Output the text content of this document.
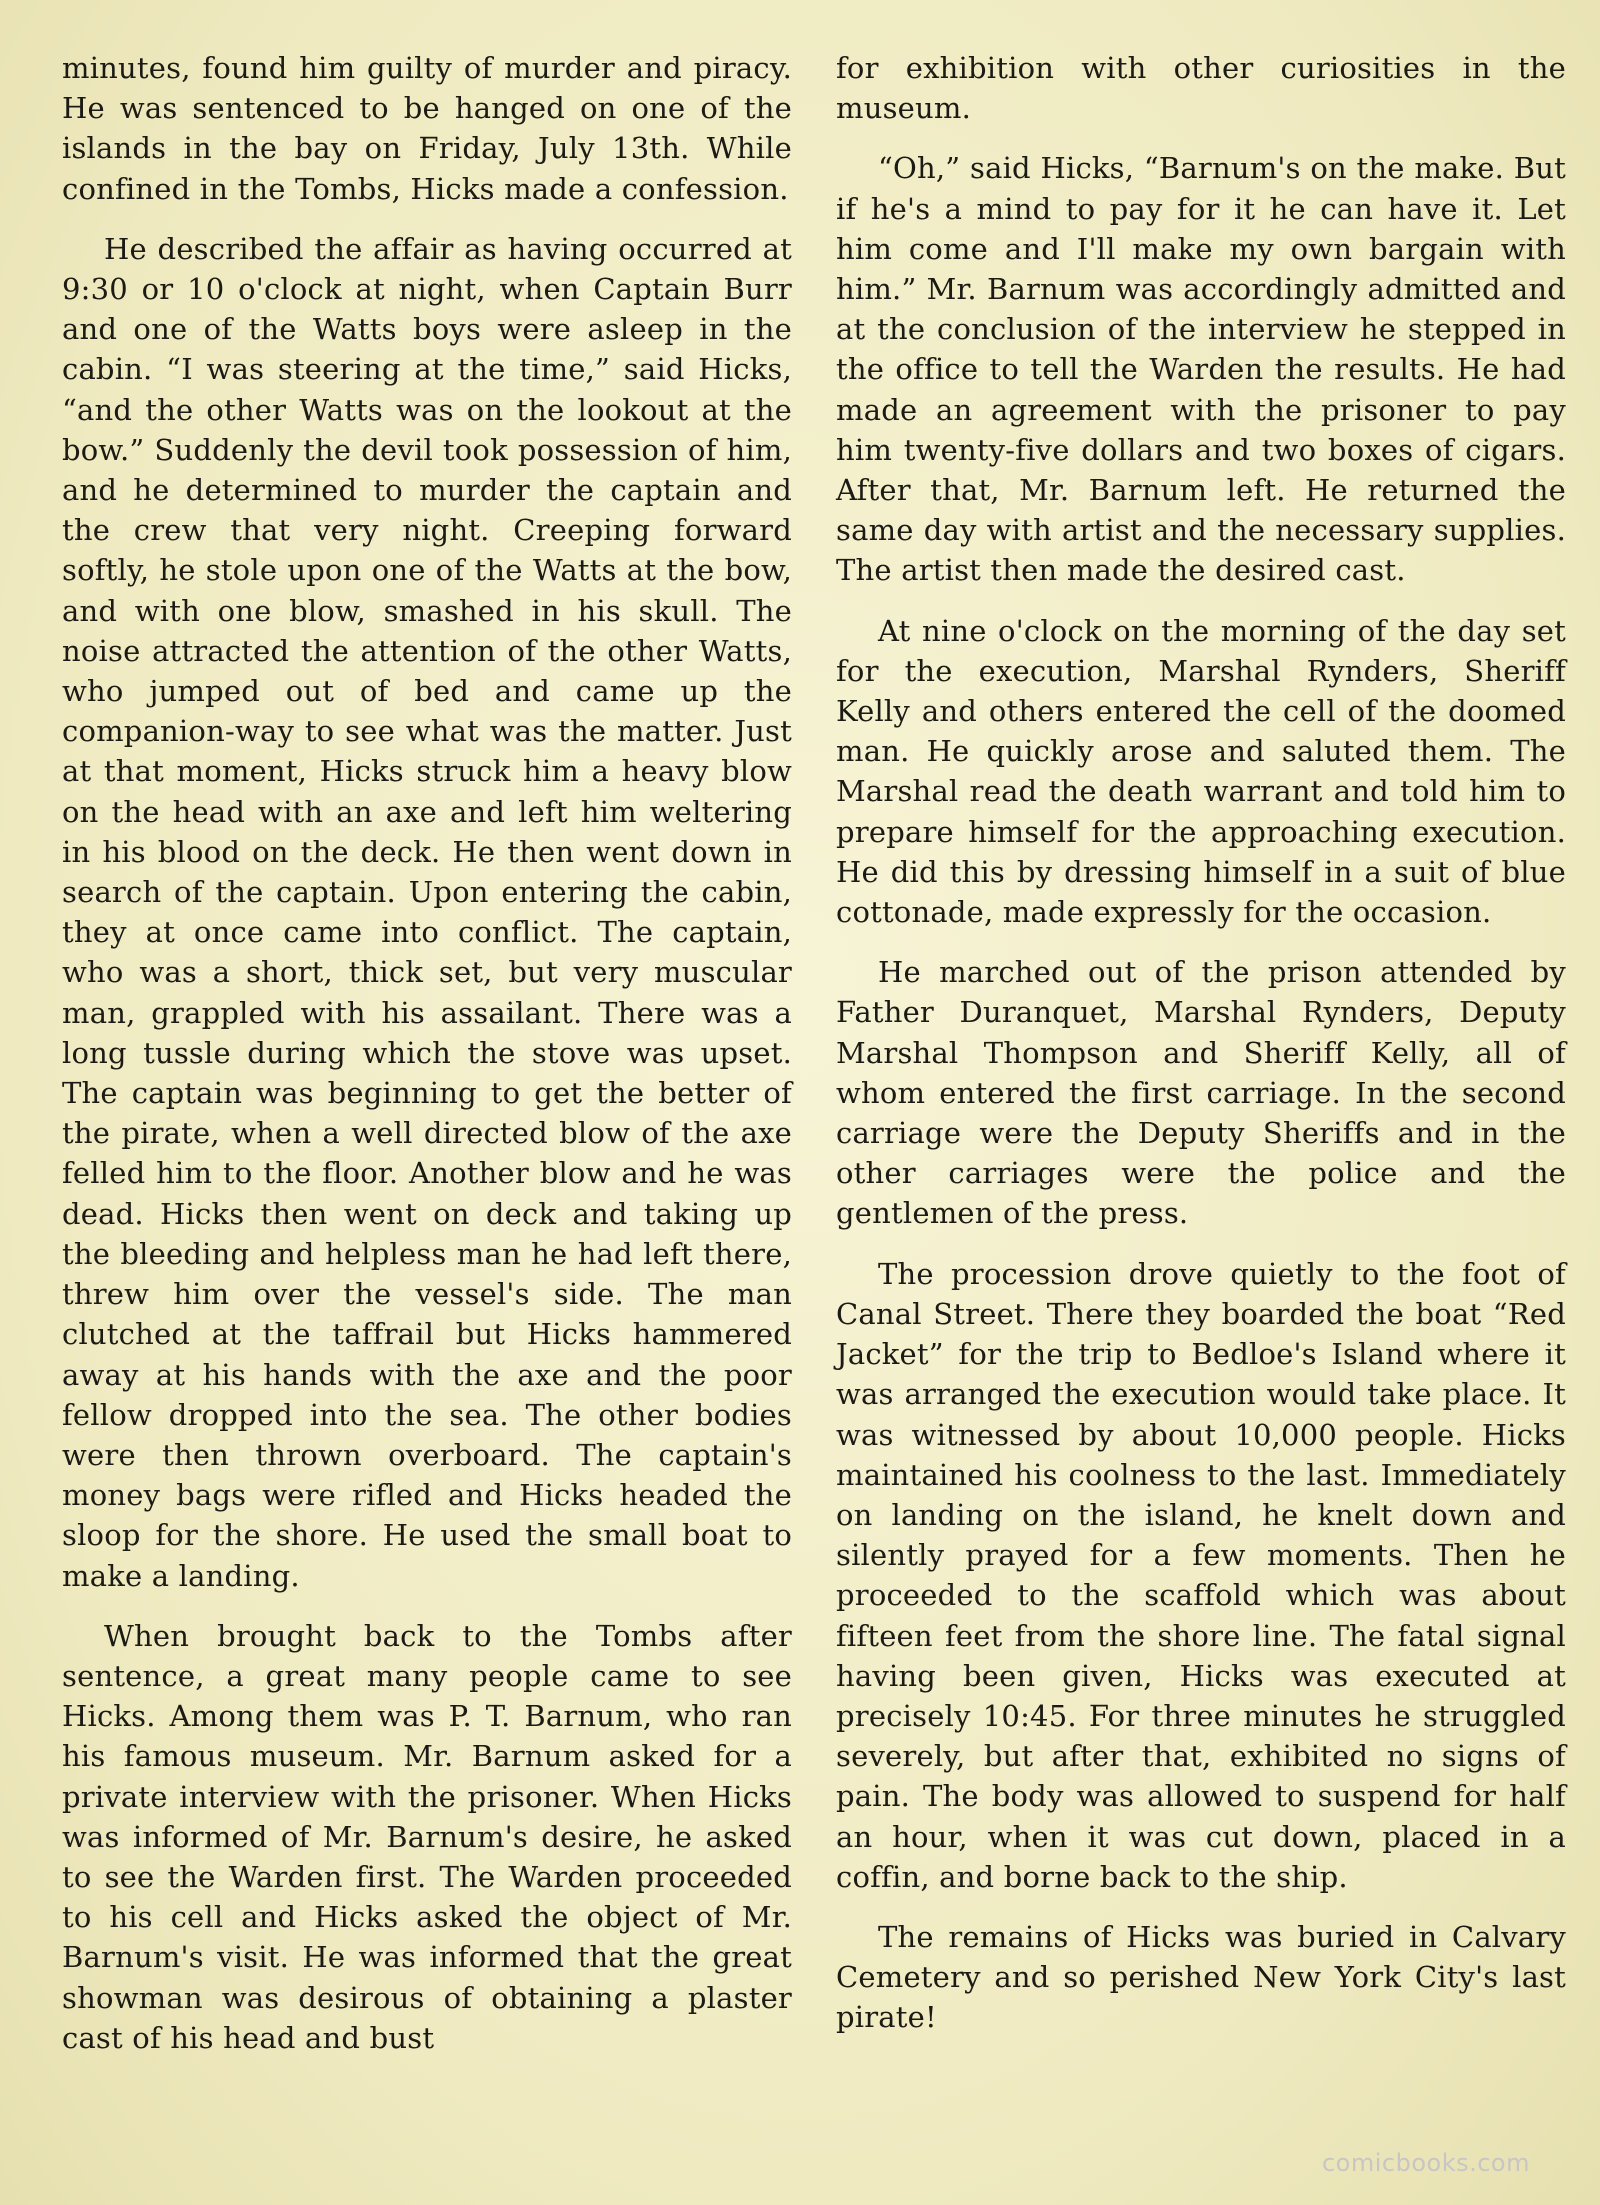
minutes, found him guilty of murder and piracy. He was sentenced to be hanged on one of the islands in the bay on Friday, July 13th. While confined in the Tombs, Hicks made a confession.

He described the affair as having occurred at 9:30 or 10 o'clock at night, when Captain Burr and one of the Watts boys were asleep in the cabin. “I was steering at the time,” said Hicks, “and the other Watts was on the lookout at the bow.” Suddenly the devil took possession of him, and he determined to murder the captain and the crew that very night. Creeping forward softly, he stole upon one of the Watts at the bow, and with one blow, smashed in his skull. The noise attracted the attention of the other Watts, who jumped out of bed and came up the companion-way to see what was the matter. Just at that moment, Hicks struck him a heavy blow on the head with an axe and left him weltering in his blood on the deck. He then went down in search of the captain. Upon entering the cabin, they at once came into conflict. The captain, who was a short, thick set, but very muscular man, grappled with his assailant. There was a long tussle during which the stove was upset. The captain was beginning to get the better of the pirate, when a well directed blow of the axe felled him to the floor. Another blow and he was dead. Hicks then went on deck and taking up the bleeding and helpless man he had left there, threw him over the vessel's side. The man clutched at the taffrail but Hicks hammered away at his hands with the axe and the poor fellow dropped into the sea. The other bodies were then thrown overboard. The captain's money bags were rifled and Hicks headed the sloop for the shore. He used the small boat to make a landing.

When brought back to the Tombs after sentence, a great many people came to see Hicks. Among them was P. T. Barnum, who ran his famous museum. Mr. Barnum asked for a private interview with the prisoner. When Hicks was informed of Mr. Barnum's desire, he asked to see the Warden first. The Warden proceeded to his cell and Hicks asked the object of Mr. Barnum's visit. He was informed that the great showman was desirous of obtaining a plaster cast of his head and bust

for exhibition with other curiosities in the museum.

“Oh,” said Hicks, “Barnum's on the make. But if he's a mind to pay for it he can have it. Let him come and I'll make my own bargain with him.” Mr. Barnum was accordingly admitted and at the conclusion of the interview he stepped in the office to tell the Warden the results. He had made an agreement with the prisoner to pay him twenty-five dollars and two boxes of cigars. After that, Mr. Barnum left. He returned the same day with artist and the necessary supplies. The artist then made the desired cast.

At nine o'clock on the morning of the day set for the execution, Marshal Rynders, Sheriff Kelly and others entered the cell of the doomed man. He quickly arose and saluted them. The Marshal read the death warrant and told him to prepare himself for the approaching execution. He did this by dressing himself in a suit of blue cottonade, made expressly for the occasion.

He marched out of the prison attended by Father Duranquet, Marshal Rynders, Deputy Marshal Thompson and Sheriff Kelly, all of whom entered the first carriage. In the second carriage were the Deputy Sheriffs and in the other carriages were the police and the gentlemen of the press.

The procession drove quietly to the foot of Canal Street. There they boarded the boat “Red Jacket” for the trip to Bedloe's Island where it was arranged the execution would take place. It was witnessed by about 10,000 people. Hicks maintained his coolness to the last. Immediately on landing on the island, he knelt down and silently prayed for a few moments. Then he proceeded to the scaffold which was about fifteen feet from the shore line. The fatal signal having been given, Hicks was executed at precisely 10:45. For three minutes he struggled severely, but after that, exhibited no signs of pain. The body was allowed to suspend for half an hour, when it was cut down, placed in a coffin, and borne back to the ship.

The remains of Hicks was buried in Calvary Cemetery and so perished New York City's last pirate!

comicbooks.com
